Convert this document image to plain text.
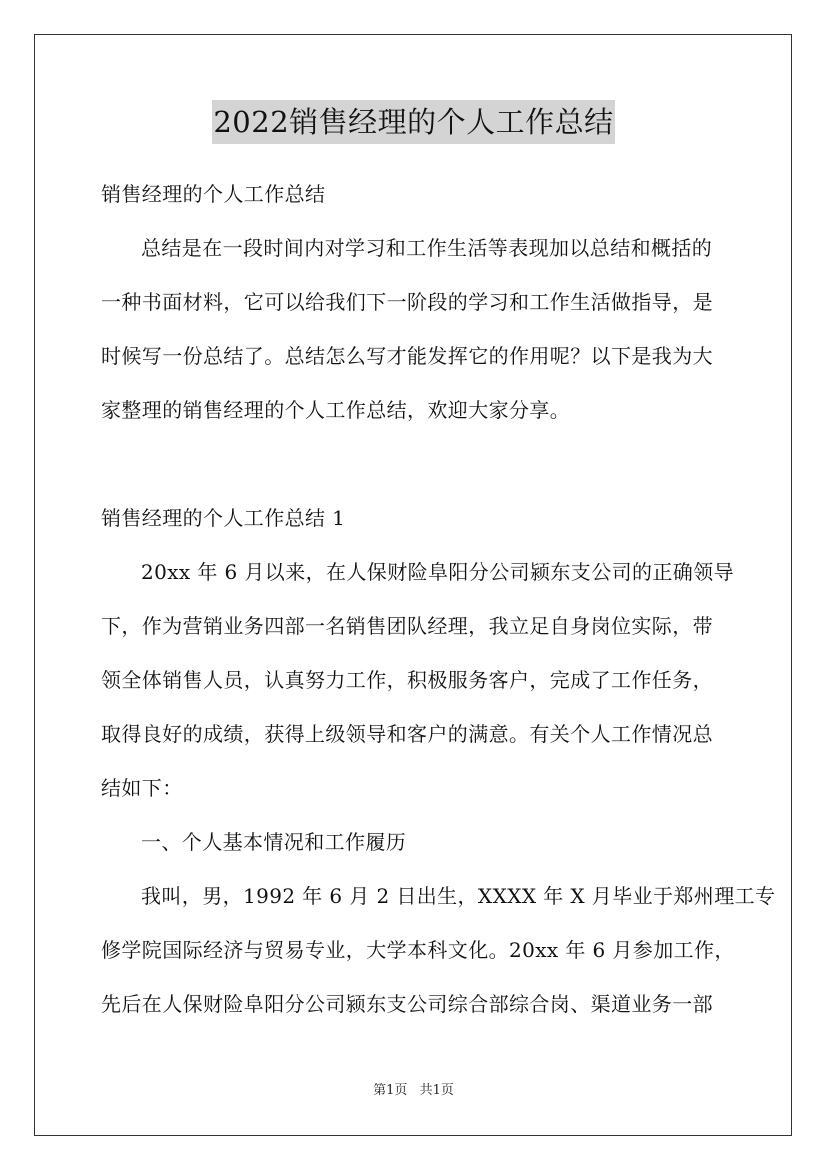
2022销售经理的个人工作总结
销售经理的个人工作总结
总结是在一段时间内对学习和工作生活等表现加以总结和概括的
一种书面材料，它可以给我们下一阶段的学习和工作生活做指导，是
时候写一份总结了。总结怎么写才能发挥它的作用呢？以下是我为大
家整理的销售经理的个人工作总结，欢迎大家分享。
销售经理的个人工作总结 1
20xx 年 6 月以来，在人保财险阜阳分公司颍东支公司的正确领导
下，作为营销业务四部一名销售团队经理，我立足自身岗位实际，带
领全体销售人员，认真努力工作，积极服务客户，完成了工作任务，
取得良好的成绩，获得上级领导和客户的满意。有关个人工作情况总
结如下：
一、个人基本情况和工作履历
我叫，男，1992 年 6 月 2 日出生，XXXX 年 X 月毕业于郑州理工专
修学院国际经济与贸易专业，大学本科文化。20xx 年 6 月参加工作，
先后在人保财险阜阳分公司颍东支公司综合部综合岗、渠道业务一部
第1页 共1页
